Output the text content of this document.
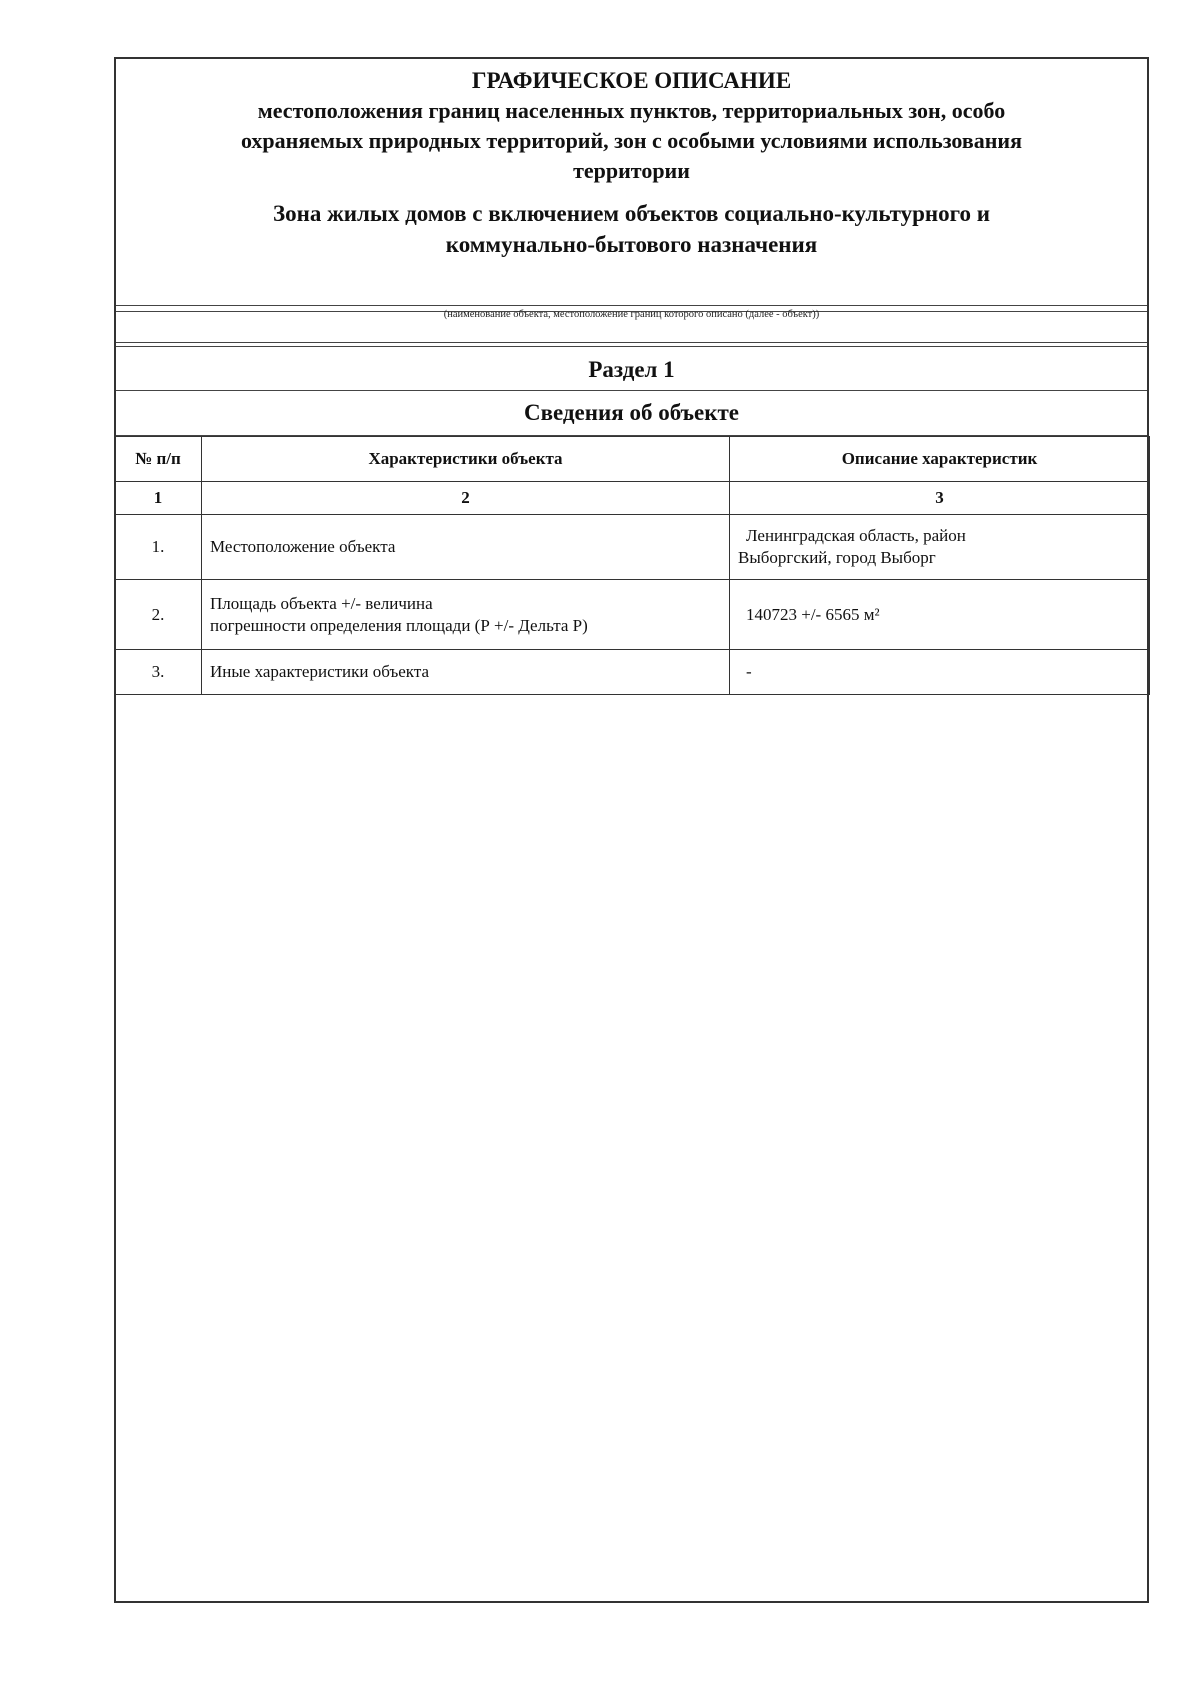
ГРАФИЧЕСКОЕ ОПИСАНИЕ

местоположения границ населенных пунктов, территориальных зон, особо
охраняемых природных территорий, зон с особыми условиями использования
территории

Зона жилых домов с включением объектов социально-культурного и
коммунально-бытового назначения

(наименование объекта, местоположение границ которого описано (далее - объект))
Раздел 1
Сведения об объекте
№ п/п	Характеристики объекта	Описание характеристик
1	2	3
1.	Местоположение объекта	Ленинградская область, район
Выборгский, город Выборг
2.	Площадь объекта +/- величина
погрешности определения площади (Р +/- Дельта Р)	140723 +/- 6565 м²
3.	Иные характеристики объекта	-
